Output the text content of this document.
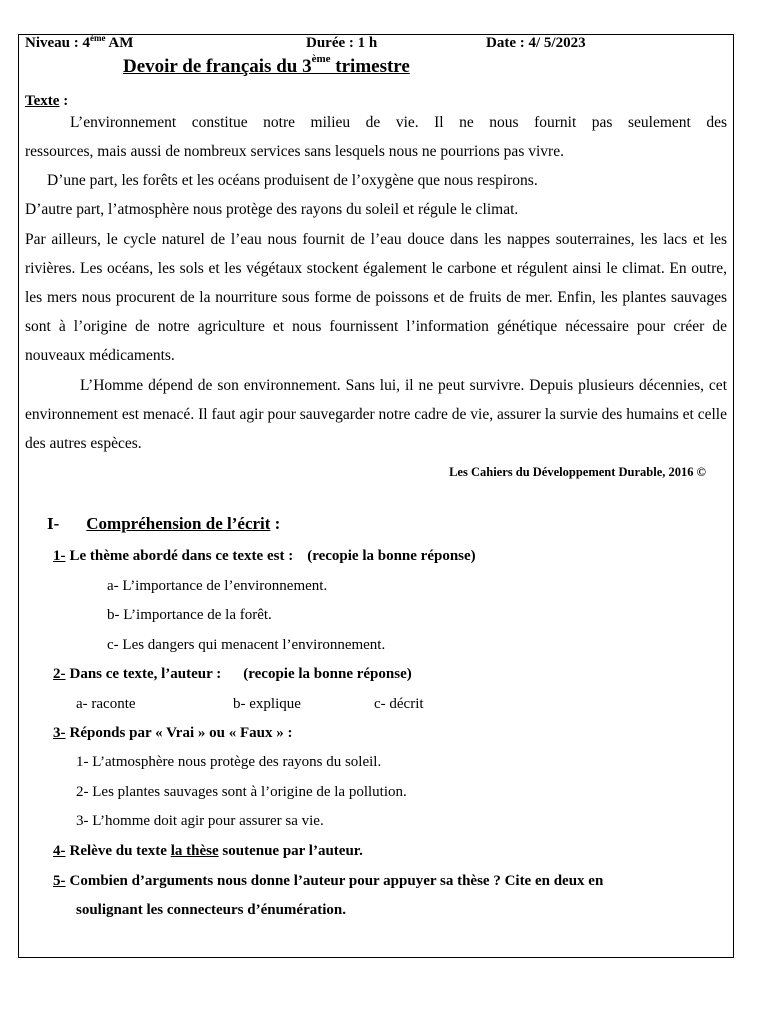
Niveau : 4ème AM	Durée : 1 h	Date : 4/ 5/2023
Devoir de français du 3ème trimestre
Texte :
L’environnement constitue notre milieu de vie. Il ne nous fournit pas seulement des
ressources, mais aussi de nombreux services sans lesquels nous ne pourrions pas vivre.
D’une part, les forêts et les océans produisent de l’oxygène que nous respirons.
D’autre part, l’atmosphère nous protège des rayons du soleil et régule le climat.
Par ailleurs, le cycle naturel de l’eau nous fournit de l’eau douce dans les nappes souterraines, les lacs et les rivières. Les océans, les sols et les végétaux stockent également le carbone et régulent ainsi le climat. En outre, les mers nous procurent de la nourriture sous forme de poissons et de fruits de mer. Enfin, les plantes sauvages sont à l’origine de notre agriculture et nous fournissent l’information génétique nécessaire pour créer de nouveaux médicaments.
L’Homme dépend de son environnement. Sans lui, il ne peut survivre. Depuis plusieurs décennies, cet environnement est menacé. Il faut agir pour sauvegarder notre cadre de vie, assurer la survie des humains et celle des autres espèces.
Les Cahiers du Développement Durable, 2016 ©
I- Compréhension de l’écrit :
1- Le thème abordé dans ce texte est : (recopie la bonne réponse)
a- L’importance de l’environnement.
b- L’importance de la forêt.
c- Les dangers qui menacent l’environnement.
2- Dans ce texte, l’auteur : (recopie la bonne réponse)
a- raconte	b- explique	c- décrit
3- Réponds par « Vrai » ou « Faux » :
1- L’atmosphère nous protège des rayons du soleil.
2- Les plantes sauvages sont à l’origine de la pollution.
3- L’homme doit agir pour assurer sa vie.
4- Relève du texte la thèse soutenue par l’auteur.
5- Combien d’arguments nous donne l’auteur pour appuyer sa thèse ? Cite en deux en
soulignant les connecteurs d’énumération.
